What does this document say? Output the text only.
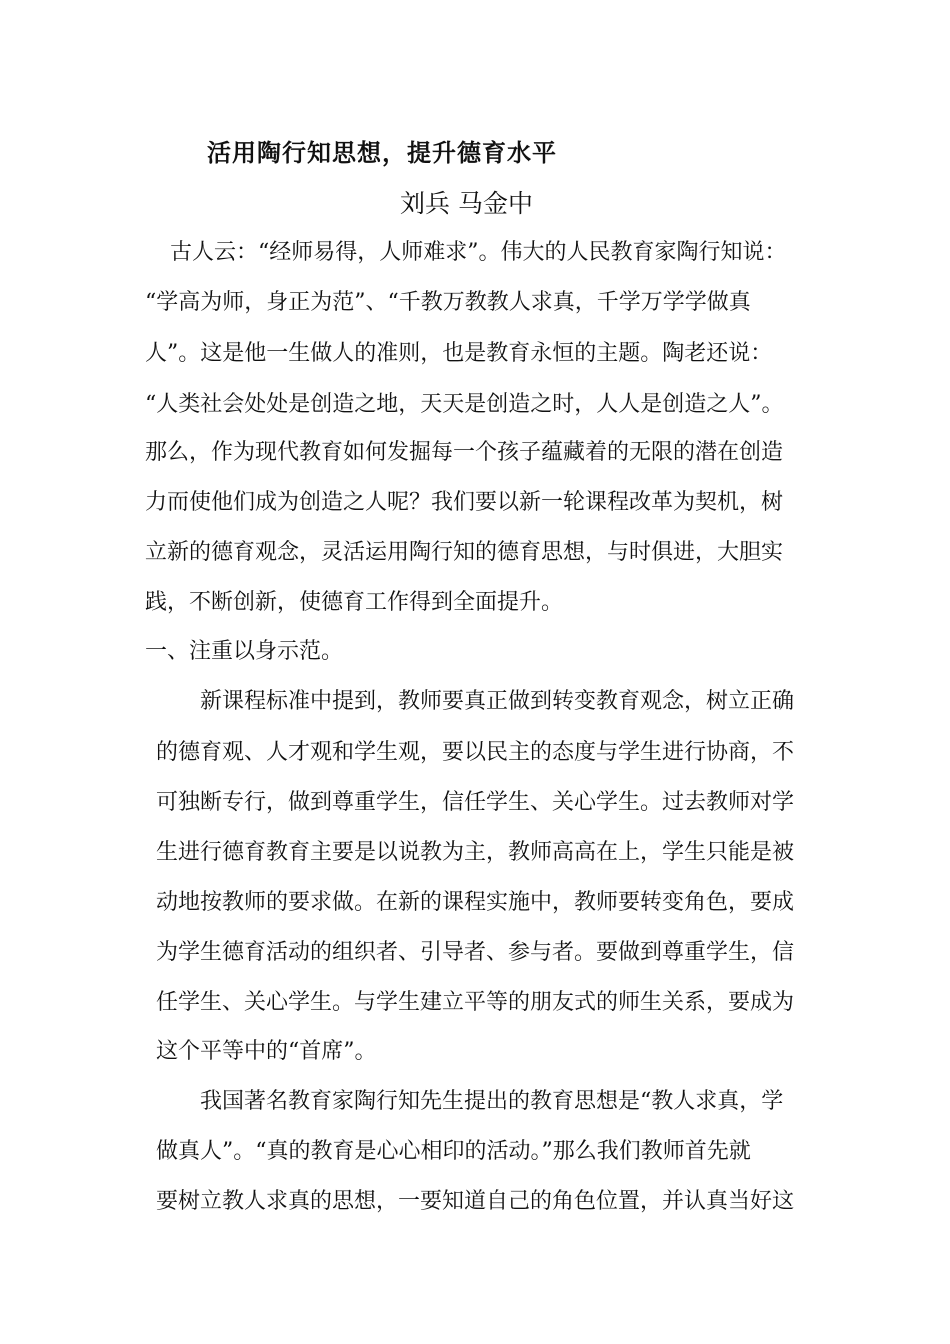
活用陶行知思想，提升德育水平
刘兵 马金中
古人云：“经师易得，人师难求”。伟大的人民教育家陶行知说：
“学高为师，身正为范”、“千教万教教人求真，千学万学学做真
人”。这是他一生做人的准则，也是教育永恒的主题。陶老还说：
“人类社会处处是创造之地，天天是创造之时，人人是创造之人”。
那么，作为现代教育如何发掘每一个孩子蕴藏着的无限的潜在创造
力而使他们成为创造之人呢？我们要以新一轮课程改革为契机，树
立新的德育观念，灵活运用陶行知的德育思想，与时俱进，大胆实
践，不断创新，使德育工作得到全面提升。
一、注重以身示范。
新课程标准中提到，教师要真正做到转变教育观念，树立正确
的德育观、人才观和学生观，要以民主的态度与学生进行协商，不
可独断专行，做到尊重学生，信任学生、关心学生。过去教师对学
生进行德育教育主要是以说教为主，教师高高在上，学生只能是被
动地按教师的要求做。在新的课程实施中，教师要转变角色，要成
为学生德育活动的组织者、引导者、参与者。要做到尊重学生，信
任学生、关心学生。与学生建立平等的朋友式的师生关系，要成为
这个平等中的“首席”。
我国著名教育家陶行知先生提出的教育思想是“教人求真，学
做真人”。“真的教育是心心相印的活动。”那么我们教师首先就
要树立教人求真的思想，一要知道自己的角色位置，并认真当好这
